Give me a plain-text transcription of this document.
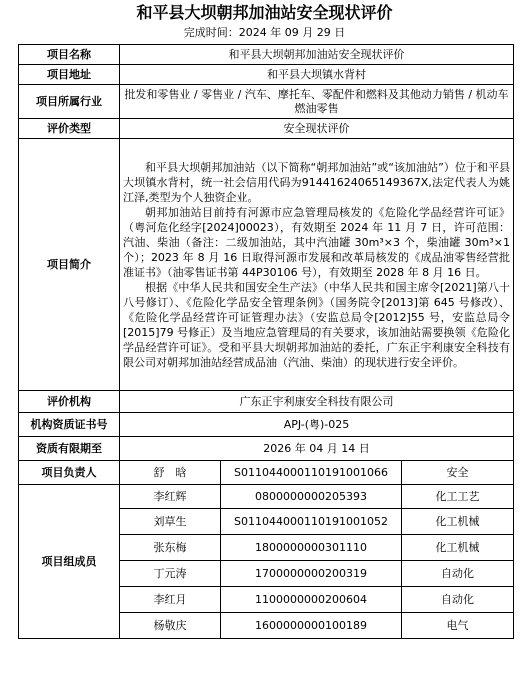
和平县大坝朝邦加油站安全现状评价
完成时间：2024 年 09 月 29 日
项目名称	和平县大坝朝邦加油站安全现状评价		
项目地址	和平县大坝镇水背村		
项目所属行业	批发和零售业 / 零售业 / 汽车、摩托车、零配件和燃料及其他动力销售 / 机动车燃油零售		
评价类型	安全现状评价		
项目简介	和平县大坝朝邦加油站（以下简称“朝邦加油站”或“该加油站”）位于和平县大坝镇水背村，统一社会信用代码为91441624065149367X,法定代表人为姚江泽,类型为个人独资企业。

朝邦加油站目前持有河源市应急管理局核发的《危险化学品经营许可证》（粤河危化经字[2024]00023），有效期至 2024 年 11 月 7 日，许可范围：汽油、柴油（备注：二级加油站，其中汽油罐 30m³×3 个，柴油罐 30m³×1 个）；2023 年 8 月 16 日取得河源市发展和改革局核发的《成品油零售经营批准证书》（油零售证书第 44P30106 号），有效期至 2028 年 8 月 16 日。

根据《中华人民共和国安全生产法》（中华人民共和国主席令[2021]第八十八号修订）、《危险化学品安全管理条例》（国务院令[2013]第 645 号修改）、《危险化学品经营许可证管理办法》（安监总局令[2012]55 号，安监总局令[2015]79 号修正）及当地应急管理局的有关要求，该加油站需要换领《危险化学品经营许可证》。受和平县大坝朝邦加油站的委托，广东正宇利康安全科技有限公司对朝邦加油站经营成品油（汽油、柴油）的现状进行安全评价。		

评价机构	广东正宇利康安全科技有限公司		
机构资质证书号	APJ-(粤)-025		
资质有限期至	2026 年 04 月 14 日		
项目负责人	舒　晗	S011044000110191001066	安全
项目组成员	李红辉	0800000000205393	化工工艺
	刘草生	S011044000110191001052	化工机械
	张东梅	1800000000301110	化工机械
	丁元涛	1700000000200319	自动化
	李红月	1100000000200604	自动化
	杨敬庆	1600000000100189	电气
